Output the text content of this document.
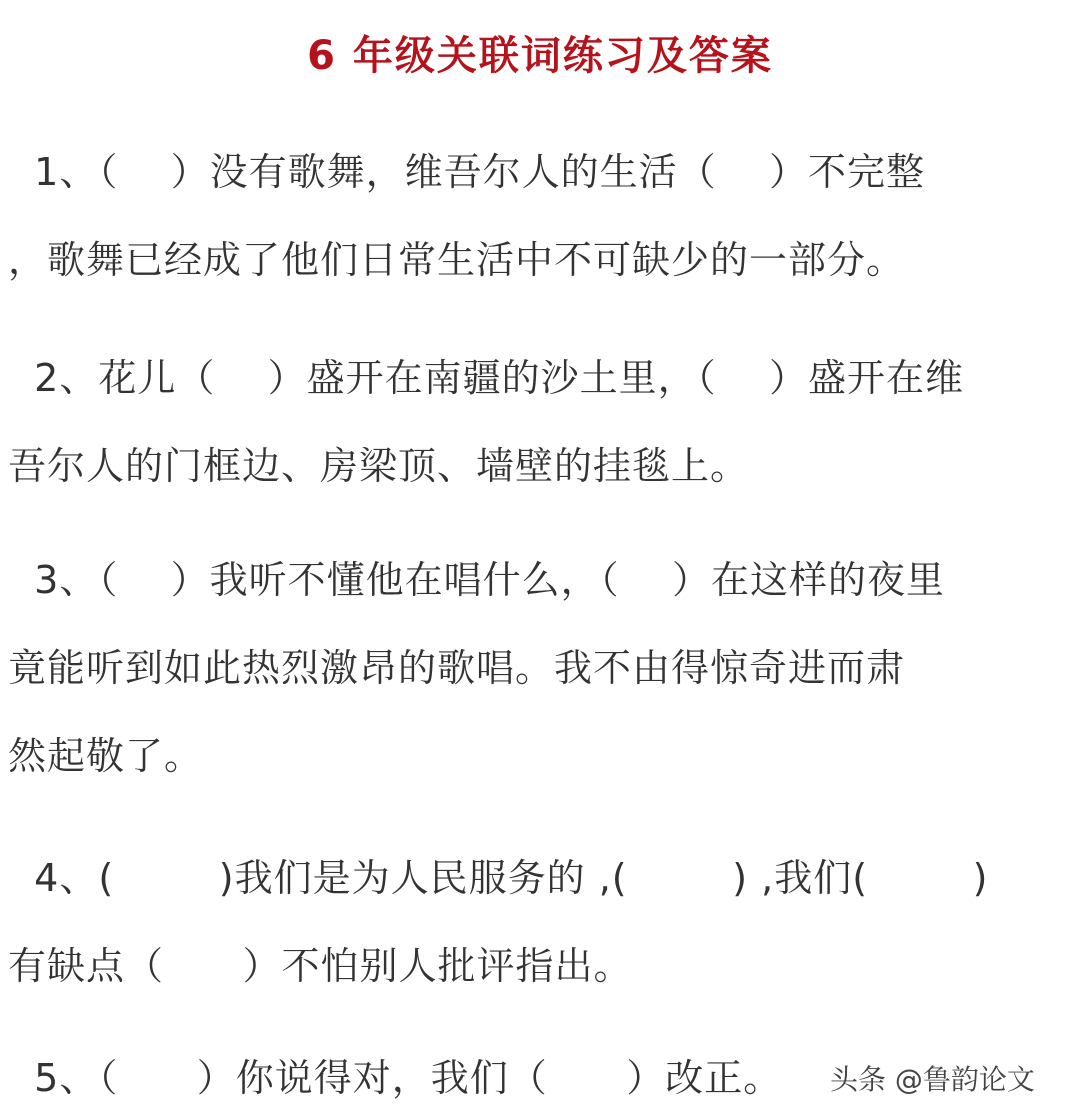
6 年级关联词练习及答案
1、（    ）没有歌舞，维吾尔人的生活（    ）不完整
，歌舞已经成了他们日常生活中不可缺少的一部分。
2、花儿（    ）盛开在南疆的沙土里，（    ）盛开在维
吾尔人的门框边、房梁顶、墙壁的挂毯上。
3、（    ）我听不懂他在唱什么，（    ）在这样的夜里
竟能听到如此热烈激昂的歌唱。我不由得惊奇进而肃
然起敬了。
4、(        )我们是为人民服务的 ,(        ) ,我们(        )
有缺点（      ）不怕别人批评指出。
5、（      ）你说得对，我们（      ）改正。 头条 @鲁韵论文
